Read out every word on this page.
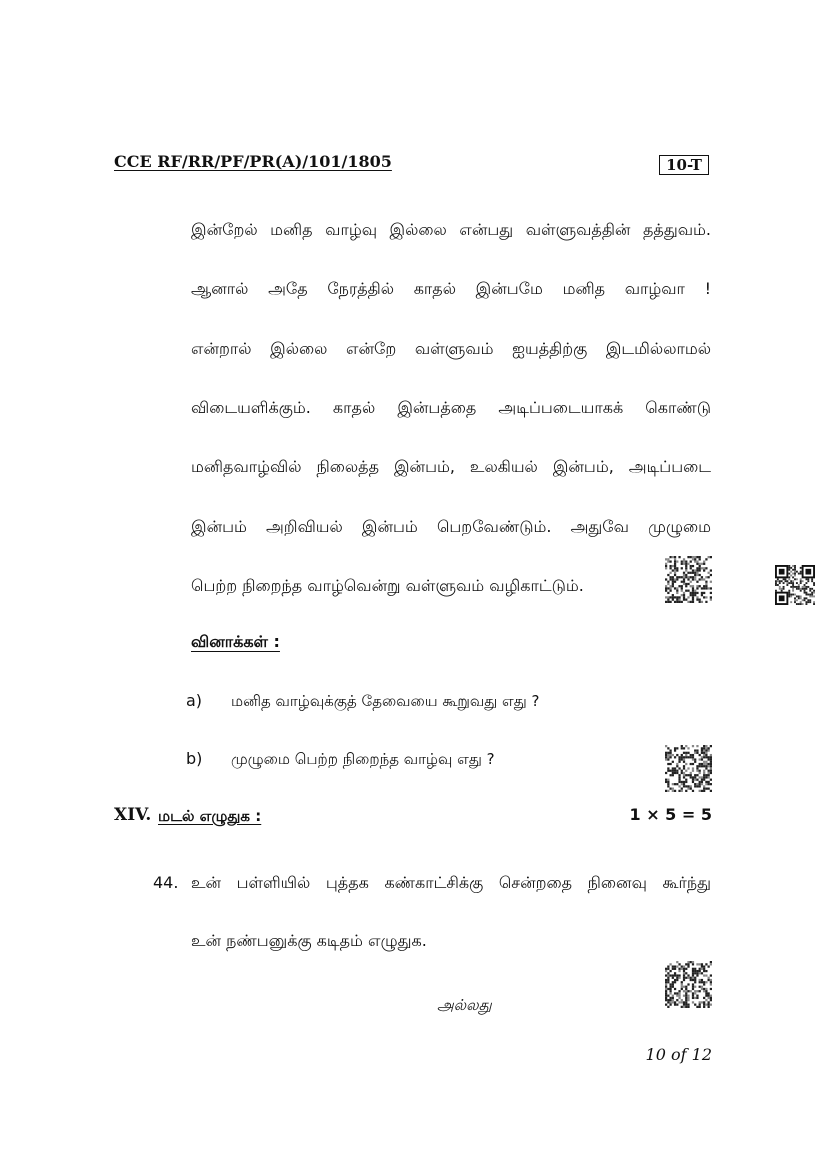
CCE RF/RR/PF/PR(A)/101/1805	10-T
இன்றேல் மனித வாழ்வு இல்லை என்பது வள்ளுவத்தின் தத்துவம்.
ஆனால் அதே நேரத்தில் காதல் இன்பமே மனித வாழ்வா !
என்றால் இல்லை என்றே வள்ளுவம் ஐயத்திற்கு இடமில்லாமல்
விடையளிக்கும். காதல் இன்பத்தை அடிப்படையாகக் கொண்டு
மனிதவாழ்வில் நிலைத்த இன்பம், உலகியல் இன்பம், அடிப்படை
இன்பம் அறிவியல் இன்பம் பெறவேண்டும். அதுவே முழுமை
பெற்ற நிறைந்த வாழ்வென்று வள்ளுவம் வழிகாட்டும்.
வினாக்கள் :
a) மனித வாழ்வுக்குத் தேவையை கூறுவது எது ?
b) முழுமை பெற்ற நிறைந்த வாழ்வு எது ?
XIV. மடல் எழுதுக :	1 × 5 = 5
44. உன் பள்ளியில் புத்தக கண்காட்சிக்கு சென்றதை நினைவு கூர்ந்து
உன் நண்பனுக்கு கடிதம் எழுதுக.
அல்லது
10 of 12
